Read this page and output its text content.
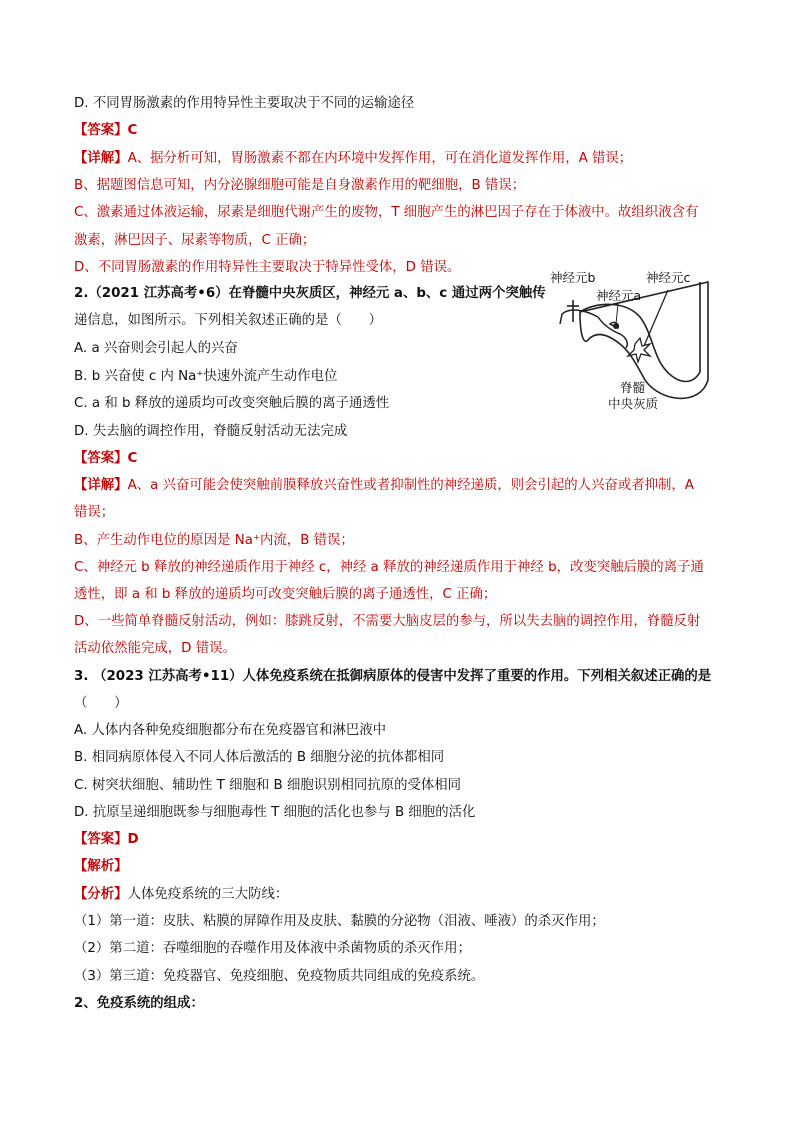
D. 不同胃肠激素的作用特异性主要取决于不同的运输途径
【答案】C
【详解】A、据分析可知，胃肠激素不都在内环境中发挥作用，可在消化道发挥作用，A 错误；
B、据题图信息可知，内分泌腺细胞可能是自身激素作用的靶细胞，B 错误；
C、激素通过体液运输，尿素是细胞代谢产生的废物，T 细胞产生的淋巴因子存在于体液中。故组织液含有
激素，淋巴因子、尿素等物质，C 正确；
D、不同胃肠激素的作用特异性主要取决于特异性受体，D 错误。
2.（2021 江苏高考•6）在脊髓中央灰质区，神经元 a、b、c 通过两个突触传
递信息，如图所示。下列相关叙述正确的是（　　）
A. a 兴奋则会引起人的兴奋
B. b 兴奋使 c 内 Na⁺快速外流产生动作电位
C. a 和 b 释放的递质均可改变突触后膜的离子通透性
D. 失去脑的调控作用，脊髓反射活动无法完成
【答案】C
【详解】A、a 兴奋可能会使突触前膜释放兴奋性或者抑制性的神经递质，则会引起的人兴奋或者抑制，A
错误；
B、产生动作电位的原因是 Na⁺内流，B 错误；
C、神经元 b 释放的神经递质作用于神经 c，神经 a 释放的神经递质作用于神经 b，改变突触后膜的离子通
透性，即 a 和 b 释放的递质均可改变突触后膜的离子通透性，C 正确；
D、一些简单脊髓反射活动，例如：膝跳反射，不需要大脑皮层的参与，所以失去脑的调控作用，脊髓反射
活动依然能完成，D 错误。
3. （2023 江苏高考•11）人体免疫系统在抵御病原体的侵害中发挥了重要的作用。下列相关叙述正确的是
（　　）
A. 人体内各种免疫细胞都分布在免疫器官和淋巴液中
B. 相同病原体侵入不同人体后激活的 B 细胞分泌的抗体都相同
C. 树突状细胞、辅助性 T 细胞和 B 细胞识别相同抗原的受体相同
D. 抗原呈递细胞既参与细胞毒性 T 细胞的活化也参与 B 细胞的活化
【答案】D
【解析】
【分析】人体免疫系统的三大防线：
（1）第一道：皮肤、粘膜的屏障作用及皮肤、黏膜的分泌物（泪液、唾液）的杀灭作用；
（2）第二道：吞噬细胞的吞噬作用及体液中杀菌物质的杀灭作用；
（3）第三道：免疫器官、免疫细胞、免疫物质共同组成的免疫系统。
2、免疫系统的组成：
神经元b	神经元c
神经元a
脊髓
中央灰质
